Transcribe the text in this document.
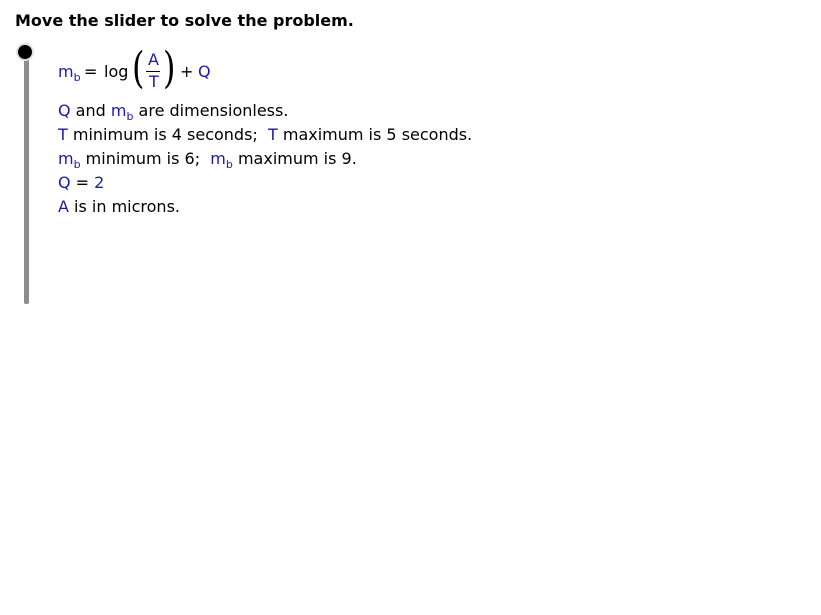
Move the slider to solve the problem.
$m_b = \log$ ( A
T ) + Q
Q and $m_b$ are dimensionless.
T minimum is 4 seconds;  T maximum is 5 seconds.
$m_b$ minimum is 6;  $m_b$ maximum is 9.
Q = 2
A is in microns.
